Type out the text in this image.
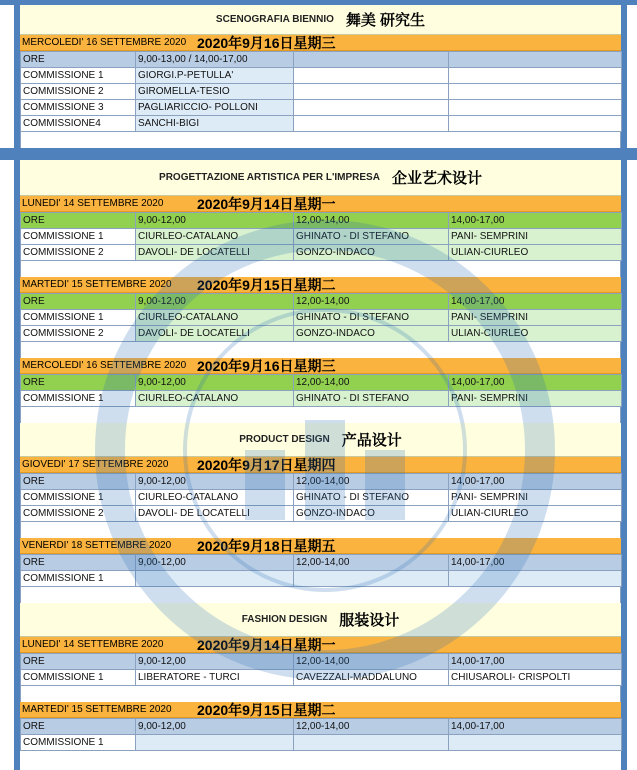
SCENOGRAFIA BIENNIO 舞美 研究生
MERCOLEDI' 16 SETTEMBRE 2020 2020年9月16日星期三
ORE	9,00-13,00 / 14,00-17,00		
COMMISSIONE 1	GIORGI.P-PETULLA'		
COMMISSIONE 2	GIROMELLA-TESIO		
COMMISSIONE 3	PAGLIARICCIO- POLLONI		
COMMISSIONE4	SANCHI-BIGI		
PROGETTAZIONE ARTISTICA PER L'IMPRESA 企业艺术设计
LUNEDI' 14 SETTEMBRE 2020	2020年9月14日星期一
ORE	9,00-12,00	12,00-14,00	14,00-17,00
COMMISSIONE 1	CIURLEO-CATALANO	GHINATO - DI STEFANO	PANI- SEMPRINI
COMMISSIONE 2	DAVOLI- DE LOCATELLI	GONZO-INDACO	ULIAN-CIURLEO
MARTEDI' 15 SETTEMBRE 2020	2020年9月15日星期二
ORE	9,00-12,00	12,00-14,00	14,00-17,00
COMMISSIONE 1	CIURLEO-CATALANO	GHINATO - DI STEFANO	PANI- SEMPRINI
COMMISSIONE 2	DAVOLI- DE LOCATELLI	GONZO-INDACO	ULIAN-CIURLEO
MERCOLEDI' 16 SETTEMBRE 2020 2020年9月16日星期三
ORE	9,00-12,00	12,00-14,00	14,00-17,00
COMMISSIONE 1	CIURLEO-CATALANO	GHINATO - DI STEFANO	PANI- SEMPRINI
PRODUCT DESIGN 产品设计
GIOVEDI' 17 SETTEMBRE 2020	2020年9月17日星期四
ORE	9,00-12,00	12,00-14,00	14,00-17,00
COMMISSIONE 1	CIURLEO-CATALANO	GHINATO - DI STEFANO	PANI- SEMPRINI
COMMISSIONE 2	DAVOLI- DE LOCATELLI	GONZO-INDACO	ULIAN-CIURLEO
VENERDI' 18 SETTEMBRE 2020	2020年9月18日星期五
ORE	9,00-12,00	12,00-14,00	14,00-17,00
COMMISSIONE 1			
FASHION DESIGN 服装设计
LUNEDI' 14 SETTEMBRE 2020	2020年9月14日星期一
ORE	9,00-12,00	12,00-14,00	14,00-17,00
COMMISSIONE 1	LIBERATORE - TURCI	CAVEZZALI-MADDALUNO	CHIUSAROLI- CRISPOLTI
MARTEDI' 15 SETTEMBRE 2020	2020年9月15日星期二
ORE	9,00-12,00	12,00-14,00	14,00-17,00
COMMISSIONE 1			
